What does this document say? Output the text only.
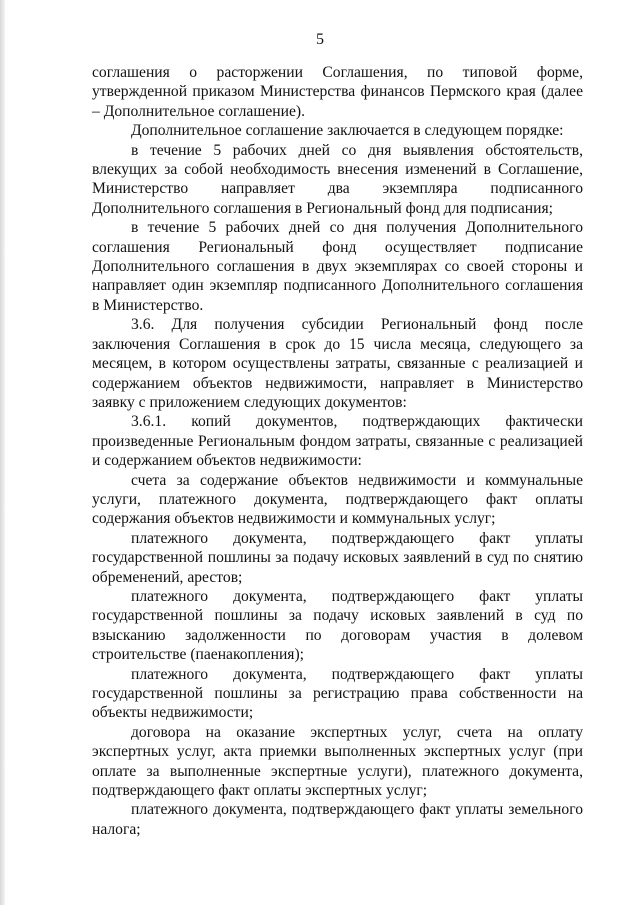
5

соглашения о расторжении Соглашения, по типовой форме, утвержденной приказом Министерства финансов Пермского края (далее – Дополнительное соглашение).

Дополнительное соглашение заключается в следующем порядке:

в течение 5 рабочих дней со дня выявления обстоятельств, влекущих за собой необходимость внесения изменений в Соглашение, Министерство направляет два экземпляра подписанного Дополнительного соглашения в Региональный фонд для подписания;

в течение 5 рабочих дней со дня получения Дополнительного соглашения Региональный фонд осуществляет подписание Дополнительного соглашения в двух экземплярах со своей стороны и направляет один экземпляр подписанного Дополнительного соглашения в Министерство.

3.6. Для получения субсидии Региональный фонд после заключения Соглашения в срок до 15 числа месяца, следующего за месяцем, в котором осуществлены затраты, связанные с реализацией и содержанием объектов недвижимости, направляет в Министерство заявку с приложением следующих документов:

3.6.1. копий документов, подтверждающих фактически произведенные Региональным фондом затраты, связанные с реализацией и содержанием объектов недвижимости:

счета за содержание объектов недвижимости и коммунальные услуги, платежного документа, подтверждающего факт оплаты содержания объектов недвижимости и коммунальных услуг;

платежного документа, подтверждающего факт уплаты государственной пошлины за подачу исковых заявлений в суд по снятию обременений, арестов;

платежного документа, подтверждающего факт уплаты государственной пошлины за подачу исковых заявлений в суд по взысканию задолженности по договорам участия в долевом строительстве (паенакопления);

платежного документа, подтверждающего факт уплаты государственной пошлины за регистрацию права собственности на объекты недвижимости;

договора на оказание экспертных услуг, счета на оплату экспертных услуг, акта приемки выполненных экспертных услуг (при оплате за выполненные экспертные услуги), платежного документа, подтверждающего факт оплаты экспертных услуг;

платежного документа, подтверждающего факт уплаты земельного налога;
